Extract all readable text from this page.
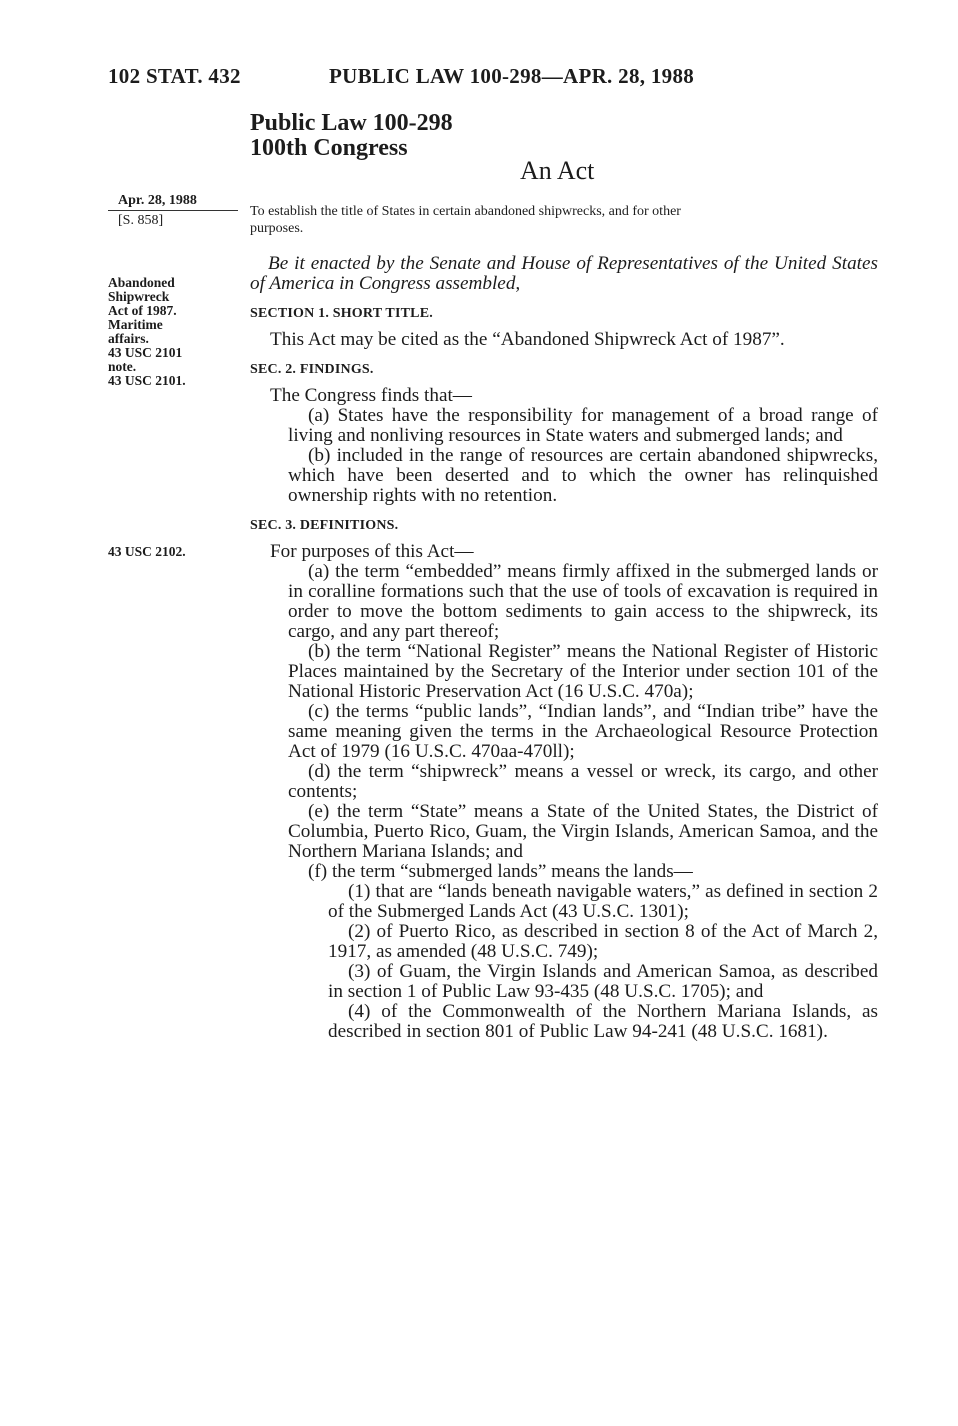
102 STAT. 432	PUBLIC LAW 100-298—APR. 28, 1988
Public Law 100-298
100th Congress
An Act
Apr. 28, 1988
[S. 858]
To establish the title of States in certain abandoned shipwrecks, and for other
purposes.
Abandoned
Shipwreck
Act of 1987.
Maritime
affairs.
43 USC 2101
note.
43 USC 2101.
43 USC 2102.

Be it enacted by the Senate and House of Representatives of the United States of America in Congress assembled,

SECTION 1. SHORT TITLE.

This Act may be cited as the “Abandoned Shipwreck Act of 1987”.

SEC. 2. FINDINGS.

The Congress finds that—

(a) States have the responsibility for management of a broad range of living and nonliving resources in State waters and submerged lands; and

(b) included in the range of resources are certain abandoned shipwrecks, which have been deserted and to which the owner has relinquished ownership rights with no retention.

SEC. 3. DEFINITIONS.

For purposes of this Act—

(a) the term “embedded” means firmly affixed in the submerged lands or in coralline formations such that the use of tools of excavation is required in order to move the bottom sediments to gain access to the shipwreck, its cargo, and any part thereof;

(b) the term “National Register” means the National Register of Historic Places maintained by the Secretary of the Interior under section 101 of the National Historic Preservation Act (16 U.S.C. 470a);

(c) the terms “public lands”, “Indian lands”, and “Indian tribe” have the same meaning given the terms in the Archaeological Resource Protection Act of 1979 (16 U.S.C. 470aa-470ll);

(d) the term “shipwreck” means a vessel or wreck, its cargo, and other contents;

(e) the term “State” means a State of the United States, the District of Columbia, Puerto Rico, Guam, the Virgin Islands, American Samoa, and the Northern Mariana Islands; and

(f) the term “submerged lands” means the lands—

(1) that are “lands beneath navigable waters,” as defined in section 2 of the Submerged Lands Act (43 U.S.C. 1301);

(2) of Puerto Rico, as described in section 8 of the Act of March 2, 1917, as amended (48 U.S.C. 749);

(3) of Guam, the Virgin Islands and American Samoa, as described in section 1 of Public Law 93-435 (48 U.S.C. 1705); and

(4) of the Commonwealth of the Northern Mariana Islands, as described in section 801 of Public Law 94-241 (48 U.S.C. 1681).
